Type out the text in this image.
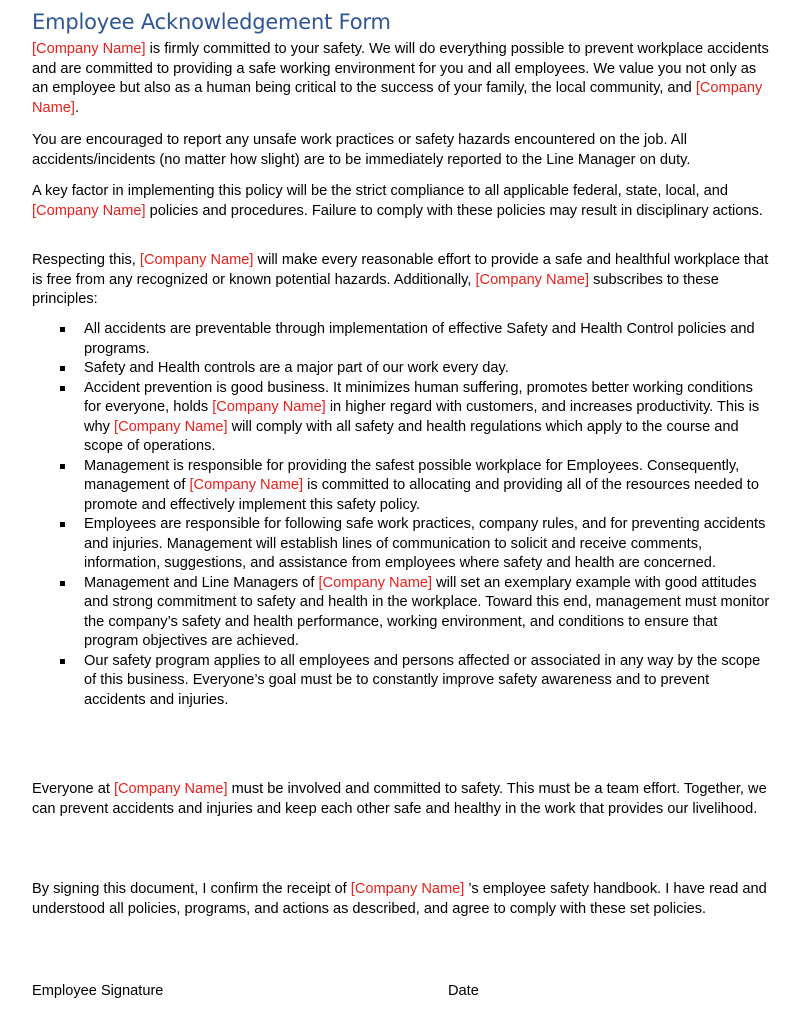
Employee Acknowledgement Form

[Company Name] is firmly committed to your safety. We will do everything possible to prevent workplace accidents and are committed to providing a safe working environment for you and all employees. We value you not only as an employee but also as a human being critical to the success of your family, the local community, and [Company Name].

You are encouraged to report any unsafe work practices or safety hazards encountered on the job. All accidents/incidents (no matter how slight) are to be immediately reported to the Line Manager on duty.

A key factor in implementing this policy will be the strict compliance to all applicable federal, state, local, and [Company Name] policies and procedures. Failure to comply with these policies may result in disciplinary actions.

Respecting this, [Company Name] will make every reasonable effort to provide a safe and healthful workplace that is free from any recognized or known potential hazards. Additionally, [Company Name] subscribes to these principles:

All accidents are preventable through implementation of effective Safety and Health Control policies and programs.
Safety and Health controls are a major part of our work every day.
Accident prevention is good business. It minimizes human suffering, promotes better working conditions for everyone, holds [Company Name] in higher regard with customers, and increases productivity. This is why [Company Name] will comply with all safety and health regulations which apply to the course and scope of operations.
Management is responsible for providing the safest possible workplace for Employees. Consequently, management of [Company Name] is committed to allocating and providing all of the resources needed to promote and effectively implement this safety policy.
Employees are responsible for following safe work practices, company rules, and for preventing accidents and injuries. Management will establish lines of communication to solicit and receive comments, information, suggestions, and assistance from employees where safety and health are concerned.
Management and Line Managers of [Company Name] will set an exemplary example with good attitudes and strong commitment to safety and health in the workplace. Toward this end, management must monitor the company’s safety and health performance, working environment, and conditions to ensure that program objectives are achieved.
Our safety program applies to all employees and persons affected or associated in any way by the scope of this business. Everyone’s goal must be to constantly improve safety awareness and to prevent accidents and injuries.

Everyone at [Company Name] must be involved and committed to safety. This must be a team effort. Together, we can prevent accidents and injuries and keep each other safe and healthy in the work that provides our livelihood.

By signing this document, I confirm the receipt of [Company Name] ’s employee safety handbook. I have read and understood all policies, programs, and actions as described, and agree to comply with these set policies.

Employee Signature	Date
